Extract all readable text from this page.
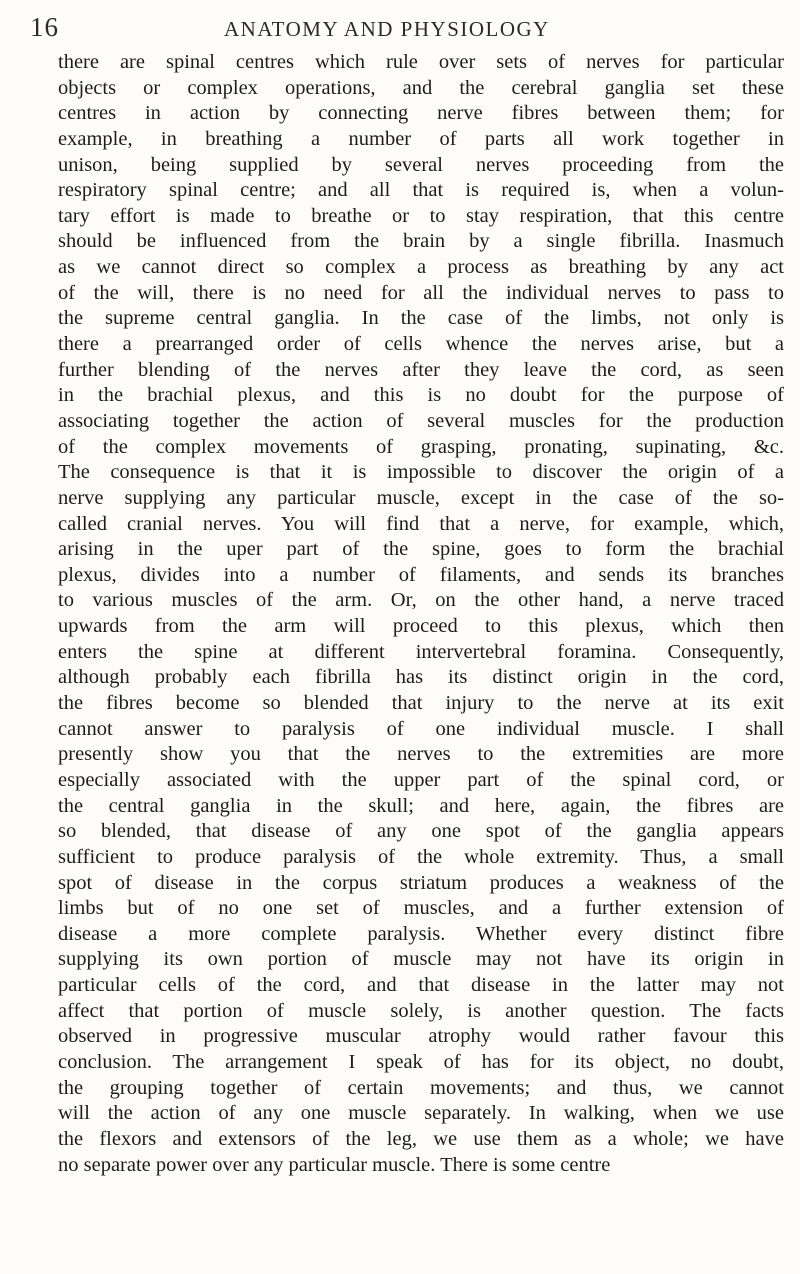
16	ANATOMY AND PHYSIOLOGY
there are spinal centres which rule over sets of nerves for particular
objects or complex operations, and the cerebral ganglia set these
centres in action by connecting nerve fibres between them; for
example, in breathing a number of parts all work together in
unison, being supplied by several nerves proceeding from the
respiratory spinal centre; and all that is required is, when a volun-
tary effort is made to breathe or to stay respiration, that this centre
should be influenced from the brain by a single fibrilla. Inasmuch
as we cannot direct so complex a process as breathing by any act
of the will, there is no need for all the individual nerves to pass to
the supreme central ganglia. In the case of the limbs, not only is
there a prearranged order of cells whence the nerves arise, but a
further blending of the nerves after they leave the cord, as seen
in the brachial plexus, and this is no doubt for the purpose of
associating together the action of several muscles for the production
of the complex movements of grasping, pronating, supinating, &c.
The consequence is that it is impossible to discover the origin of a
nerve supplying any particular muscle, except in the case of the so-
called cranial nerves. You will find that a nerve, for example, which,
arising in the uper part of the spine, goes to form the brachial
plexus, divides into a number of filaments, and sends its branches
to various muscles of the arm. Or, on the other hand, a nerve traced
upwards from the arm will proceed to this plexus, which then
enters the spine at different intervertebral foramina. Consequently,
although probably each fibrilla has its distinct origin in the cord,
the fibres become so blended that injury to the nerve at its exit
cannot answer to paralysis of one individual muscle. I shall
presently show you that the nerves to the extremities are more
especially associated with the upper part of the spinal cord, or
the central ganglia in the skull; and here, again, the fibres are
so blended, that disease of any one spot of the ganglia appears
sufficient to produce paralysis of the whole extremity. Thus, a small
spot of disease in the corpus striatum produces a weakness of the
limbs but of no one set of muscles, and a further extension of
disease a more complete paralysis. Whether every distinct fibre
supplying its own portion of muscle may not have its origin in
particular cells of the cord, and that disease in the latter may not
affect that portion of muscle solely, is another question. The facts
observed in progressive muscular atrophy would rather favour this
conclusion. The arrangement I speak of has for its object, no doubt,
the grouping together of certain movements; and thus, we cannot
will the action of any one muscle separately. In walking, when we use
the flexors and extensors of the leg, we use them as a whole; we have
no separate power over any particular muscle. There is some centre
